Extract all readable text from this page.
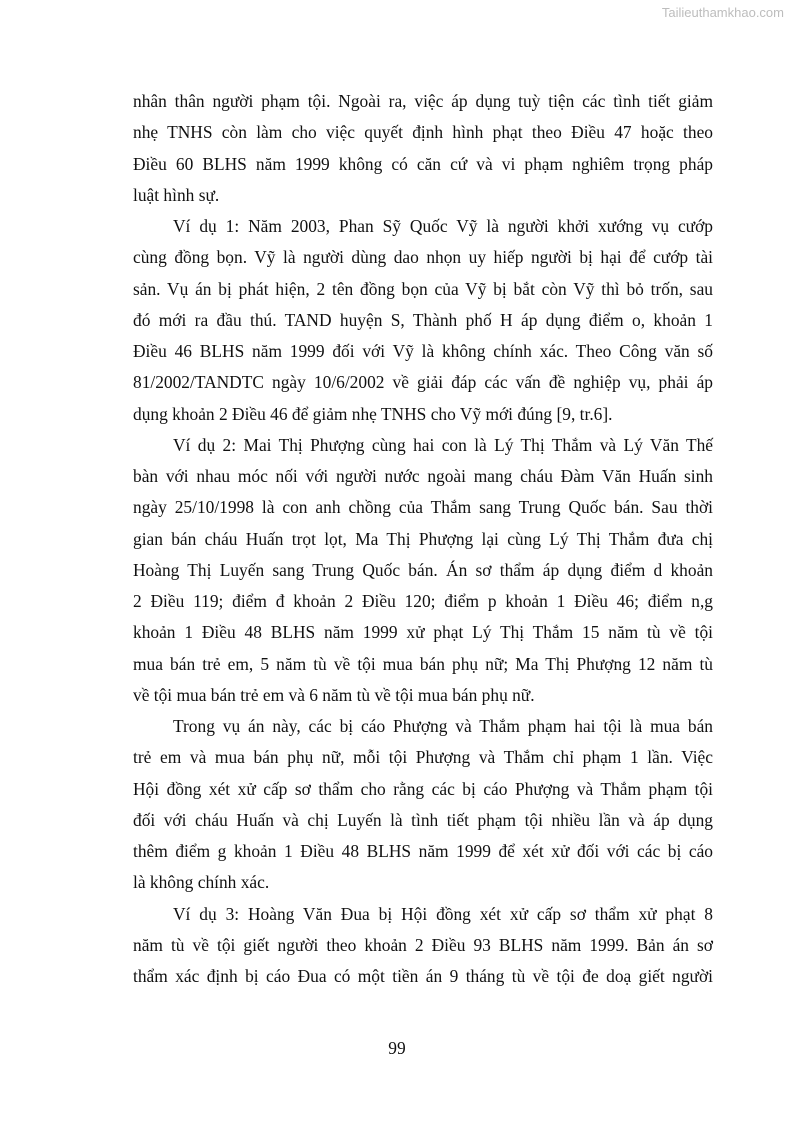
Tailieuthamkhao.com
nhân thân người phạm tội. Ngoài ra, việc áp dụng tuỳ tiện các tình tiết giảm
nhẹ TNHS còn làm cho việc quyết định hình phạt theo Điều 47 hoặc theo
Điều 60 BLHS năm 1999 không có căn cứ và vi phạm nghiêm trọng pháp
luật hình sự.
Ví dụ 1: Năm 2003, Phan Sỹ Quốc Vỹ là người khởi xướng vụ cướp
cùng đồng bọn. Vỹ là người dùng dao nhọn uy hiếp người bị hại để cướp tài
sản. Vụ án bị phát hiện, 2 tên đồng bọn của Vỹ bị bắt còn Vỹ thì bỏ trốn, sau
đó mới ra đầu thú. TAND huyện S, Thành phố H áp dụng điểm o, khoản 1
Điều 46 BLHS năm 1999 đối với Vỹ là không chính xác. Theo Công văn số
81/2002/TANDTC ngày 10/6/2002 về giải đáp các vấn đề nghiệp vụ, phải áp
dụng khoản 2 Điều 46 để giảm nhẹ TNHS cho Vỹ mới đúng [9, tr.6].
Ví dụ 2: Mai Thị Phượng cùng hai con là Lý Thị Thắm và Lý Văn Thế
bàn với nhau móc nối với người nước ngoài mang cháu Đàm Văn Huấn sinh
ngày 25/10/1998 là con anh chồng của Thắm sang Trung Quốc bán. Sau thời
gian bán cháu Huấn trọt lọt, Ma Thị Phượng lại cùng Lý Thị Thắm đưa chị
Hoàng Thị Luyến sang Trung Quốc bán. Án sơ thẩm áp dụng điểm d khoản
2 Điều 119; điểm đ khoản 2 Điều 120; điểm p khoản 1 Điều 46; điểm n,g
khoản 1 Điều 48 BLHS năm 1999 xử phạt Lý Thị Thắm 15 năm tù về tội
mua bán trẻ em, 5 năm tù về tội mua bán phụ nữ; Ma Thị Phượng 12 năm tù
về tội mua bán trẻ em và 6 năm tù về tội mua bán phụ nữ.
Trong vụ án này, các bị cáo Phượng và Thắm phạm hai tội là mua bán
trẻ em và mua bán phụ nữ, mỗi tội Phượng và Thắm chỉ phạm 1 lần. Việc
Hội đồng xét xử cấp sơ thẩm cho rằng các bị cáo Phượng và Thắm phạm tội
đối với cháu Huấn và chị Luyến là tình tiết phạm tội nhiều lần và áp dụng
thêm điểm g khoản 1 Điều 48 BLHS năm 1999 để xét xử đối với các bị cáo
là không chính xác.
Ví dụ 3: Hoàng Văn Đua bị Hội đồng xét xử cấp sơ thẩm xử phạt 8
năm tù về tội giết người theo khoản 2 Điều 93 BLHS năm 1999. Bản án sơ
thẩm xác định bị cáo Đua có một tiền án 9 tháng tù về tội đe doạ giết người
99
